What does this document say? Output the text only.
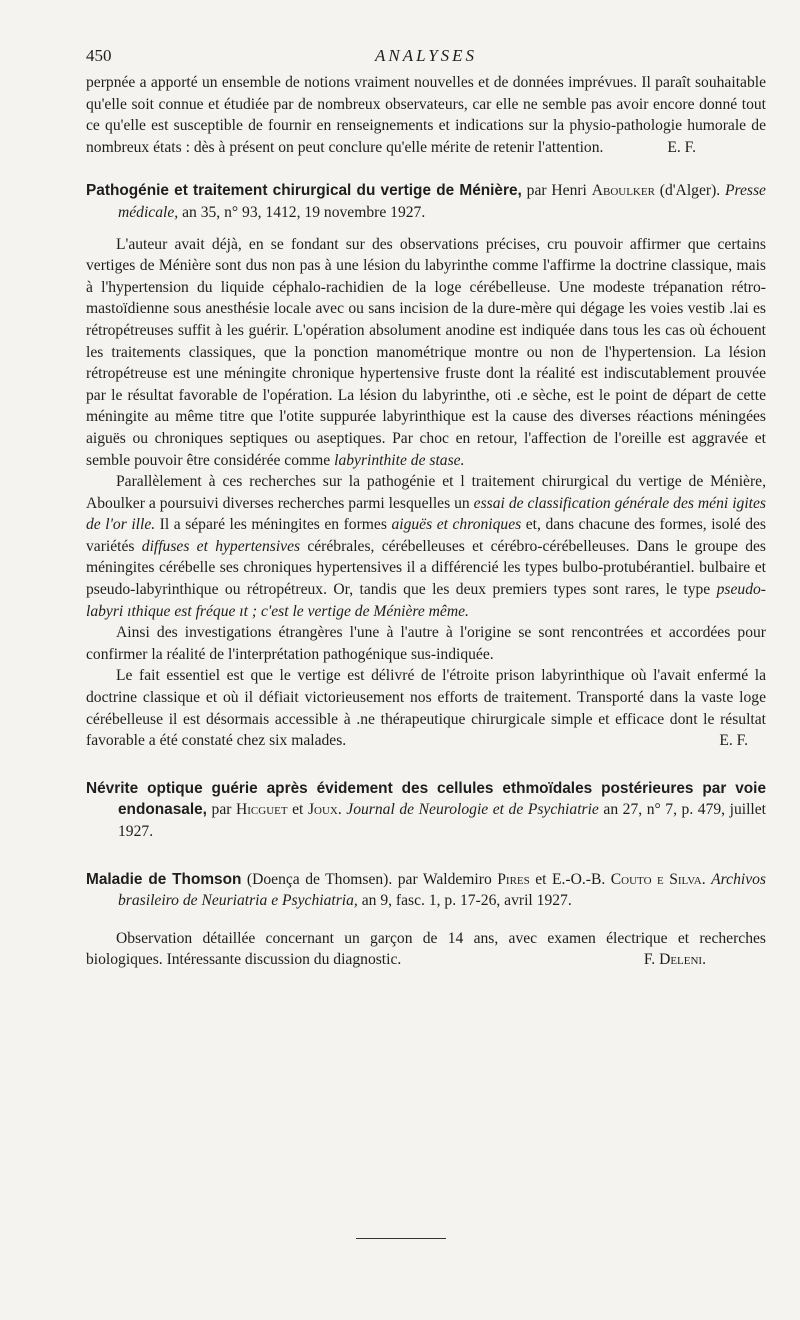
450	ANALYSES

perpnée a apporté un ensemble de notions vraiment nouvelles et de données imprévues. Il paraît souhaitable qu'elle soit connue et étudiée par de nombreux observateurs, car elle ne semble pas avoir encore donné tout ce qu'elle est susceptible de fournir en renseignements et indications sur la physio-pathologie humorale de nombreux états : dès à présent on peut conclure qu'elle mérite de retenir l'attention.	E. F.

Pathogénie et traitement chirurgical du vertige de Ménière, par Henri Aboulker (d'Alger). Presse médicale, an 35, n° 93, 1412, 19 novembre 1927.

L'auteur avait déjà, en se fondant sur des observations précises, cru pouvoir affirmer que certains vertiges de Ménière sont dus non pas à une lésion du labyrinthe comme l'affirme la doctrine classique, mais à l'hypertension du liquide céphalo-rachidien de la loge cérébelleuse. Une modeste trépanation rétro-mastoïdienne sous anesthésie locale avec ou sans incision de la dure-mère qui dégage les voies vestib .lai es rétropétreuses suffit à les guérir. L'opération absolument anodine est indiquée dans tous les cas où échouent les traitements classiques, que la ponction manométrique montre ou non de l'hypertension. La lésion rétropétreuse est une méningite chronique hypertensive fruste dont la réalité est indiscutablement prouvée par le résultat favorable de l'opération. La lésion du labyrinthe, oti .e sèche, est le point de départ de cette méningite au même titre que l'otite suppurée labyrinthique est la cause des diverses réactions méningées aiguës ou chroniques septiques ou aseptiques. Par choc en retour, l'affection de l'oreille est aggravée et semble pouvoir être considérée comme labyrinthite de stase.

Parallèlement à ces recherches sur la pathogénie et l traitement chirurgical du vertige de Ménière, Aboulker a poursuivi diverses recherches parmi lesquelles un essai de classification générale des méni igites de l'or ille. Il a séparé les méningites en formes aiguës et chroniques et, dans chacune des formes, isolé des variétés diffuses et hypertensives cérébrales, cérébelleuses et cérébro-cérébelleuses. Dans le groupe des méningites cérébelle ses chroniques hypertensives il a différencié les types bulbo-protubérantiel. bulbaire et pseudo-labyrinthique ou rétropétreux. Or, tandis que les deux premiers types sont rares, le type pseudo-labyri ıthique est fréque ıt ; c'est le vertige de Ménière même.

Ainsi des investigations étrangères l'une à l'autre à l'origine se sont rencontrées et accordées pour confirmer la réalité de l'interprétation pathogénique sus-indiquée.

Le fait essentiel est que le vertige est délivré de l'étroite prison labyrinthique où l'avait enfermé la doctrine classique et où il défiait victorieusement nos efforts de traitement. Transporté dans la vaste loge cérébelleuse il est désormais accessible à .ne thérapeutique chirurgicale simple et efficace dont le résultat favorable a été constaté chez six malades.	E. F.

Névrite optique guérie après évidement des cellules ethmoïdales postérieures par voie endonasale, par Hicguet et Joux. Journal de Neurologie et de Psychiatrie an 27, n° 7, p. 479, juillet 1927.

Maladie de Thomson (Doença de Thomsen). par Waldemiro Pires et E.-O.-B. Couto e Silva. Archivos brasileiro de Neuriatria e Psychiatria, an 9, fasc. 1, p. 17-26, avril 1927.

Observation détaillée concernant un garçon de 14 ans, avec examen électrique et recherches biologiques. Intéressante discussion du diagnostic.	F. Deleni.
